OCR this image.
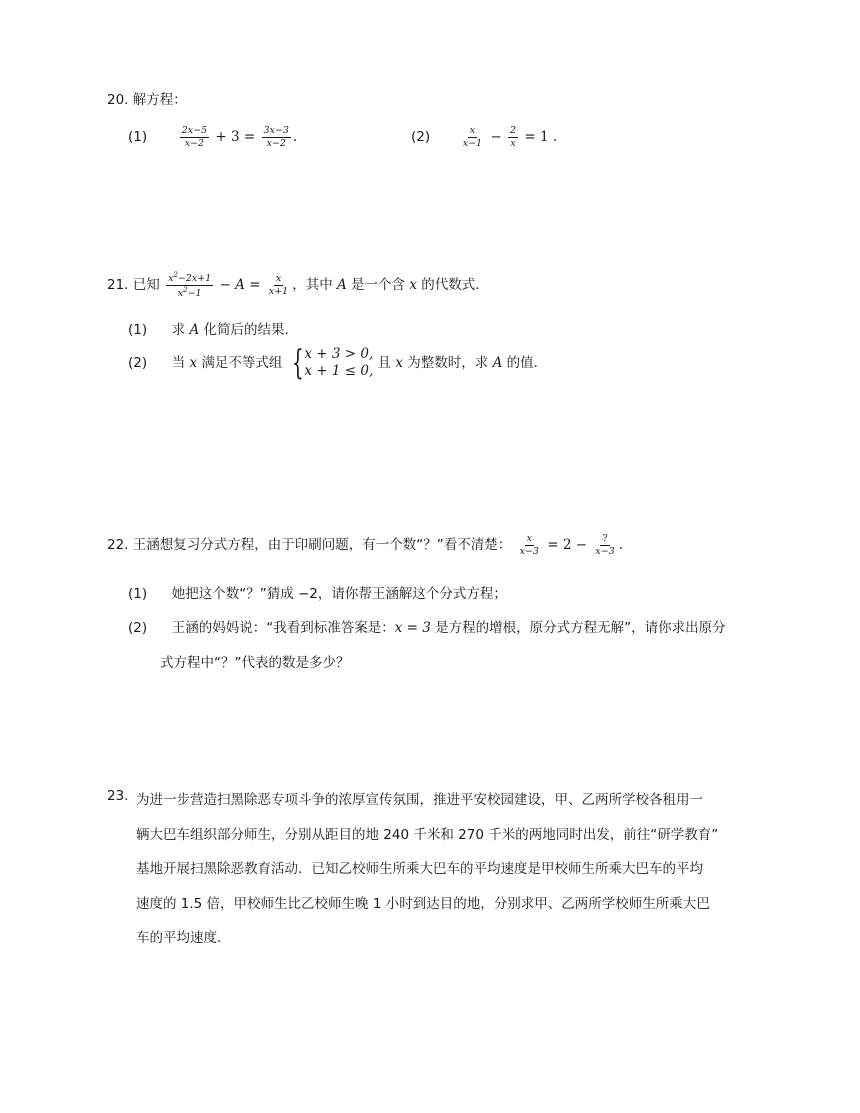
20. 解方程：
(1)	$\frac{2x-5}{x-2} + 3 = \frac{3x-3}{x-2}$ .	(2)	$\frac{x}{x-1} - \frac{2}{x} = 1$ .
21. 已知 $\frac{x^2-2x+1}{x^2-1} - A = \frac{x}{x+1}$ ，其中 A 是一个含 x 的代数式．
(1) 求 A 化简后的结果．
(2) 当 x 满足不等式组 { x + 3 > 0,
x + 1 ≤ 0, 且 x 为整数时，求 A 的值．
22. 王涵想复习分式方程，由于印刷问题，有一个数“？”看不清楚： $\frac{x}{x-3} = 2 - \frac{?}{x-3}$ .
(1) 她把这个数“？”猜成 −2，请你帮王涵解这个分式方程；
(2) 王涵的妈妈说：“我看到标准答案是：x = 3 是方程的增根，原分式方程无解”，请你求出原分
式方程中“？”代表的数是多少？
23. 为进一步营造扫黑除恶专项斗争的浓厚宣传氛围，推进平安校园建设，甲、乙两所学校各租用一
辆大巴车组织部分师生，分别从距目的地 240 千米和 270 千米的两地同时出发，前往“研学教育”
基地开展扫黑除恶教育活动．已知乙校师生所乘大巴车的平均速度是甲校师生所乘大巴车的平均
速度的 1.5 倍，甲校师生比乙校师生晚 1 小时到达目的地，分别求甲、乙两所学校师生所乘大巴
车的平均速度．
